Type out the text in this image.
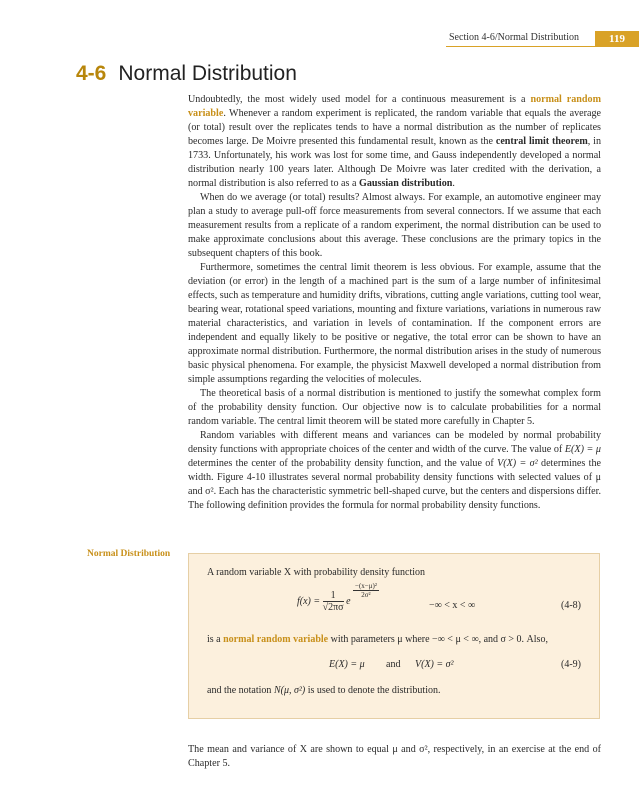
Section 4-6/Normal Distribution	119
4-6 Normal Distribution

Undoubtedly, the most widely used model for a continuous measurement is a normal random variable. Whenever a random experiment is replicated, the random variable that equals the average (or total) result over the replicates tends to have a normal distribution as the number of replicates becomes large. De Moivre presented this fundamental result, known as the central limit theorem, in 1733. Unfortunately, his work was lost for some time, and Gauss independently developed a normal distribution nearly 100 years later. Although De Moivre was later credited with the derivation, a normal distribution is also referred to as a Gaussian distribution.

When do we average (or total) results? Almost always. For example, an automotive engineer may plan a study to average pull-off force measurements from several connectors. If we assume that each measurement results from a replicate of a random experiment, the normal distribution can be used to make approximate conclusions about this average. These conclusions are the primary topics in the subsequent chapters of this book.

Furthermore, sometimes the central limit theorem is less obvious. For example, assume that the deviation (or error) in the length of a machined part is the sum of a large number of infinitesimal effects, such as temperature and humidity drifts, vibrations, cutting angle variations, cutting tool wear, bearing wear, rotational speed variations, mounting and fixture variations, variations in numerous raw material characteristics, and variation in levels of contamination. If the component errors are independent and equally likely to be positive or negative, the total error can be shown to have an approximate normal distribution. Furthermore, the normal distribution arises in the study of numerous basic physical phenomena. For example, the physicist Maxwell developed a normal distribution from simple assumptions regarding the velocities of molecules.

The theoretical basis of a normal distribution is mentioned to justify the somewhat complex form of the probability density function. Our objective now is to calculate probabilities for a normal random variable. The central limit theorem will be stated more carefully in Chapter 5.

Random variables with different means and variances can be modeled by normal probability density functions with appropriate choices of the center and width of the curve. The value of E(X) = μ determines the center of the probability density function, and the value of V(X) = σ² determines the width. Figure 4-10 illustrates several normal probability density functions with selected values of μ and σ². Each has the characteristic symmetric bell-shaped curve, but the centers and dispersions differ. The following definition provides the formula for normal probability density functions.

Normal Distribution
A random variable X with probability density function
$f(x) = \frac{1}{√2\pi\sigma}$ e
$\frac{\text{−(x−μ)²}}{\text{2σ²}}$
−∞ < x < ∞	(4-8)
is a normal random variable with parameters μ where −∞ < μ < ∞, and σ > 0. Also,
E(X) = μ and V(X) = σ²	(4-9)
and the notation N(μ, σ²) is used to denote the distribution.
The mean and variance of X are shown to equal μ and σ², respectively, in an exercise at the end of Chapter 5.
